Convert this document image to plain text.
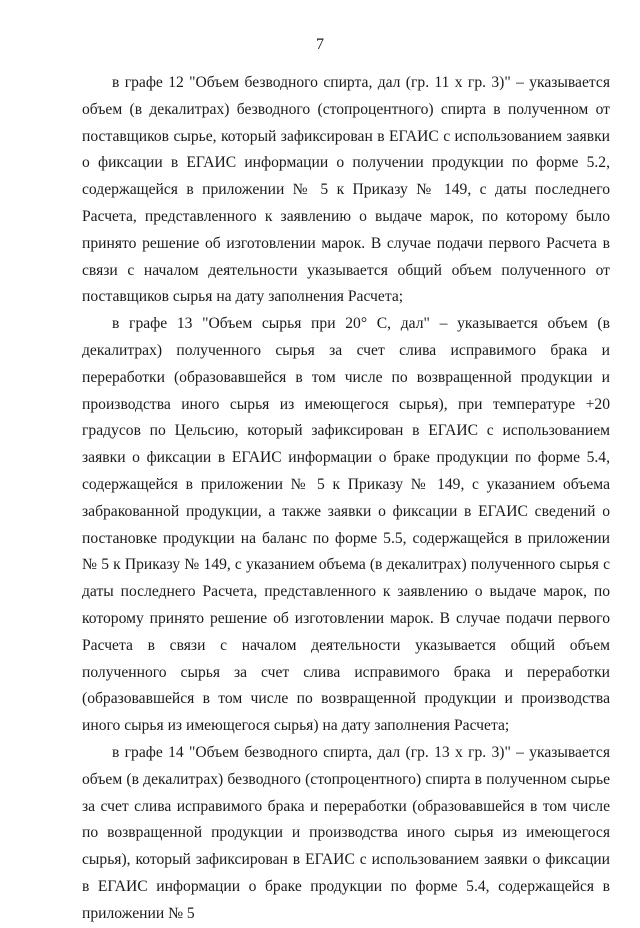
7

в графе 12 "Объем безводного спирта, дал (гр. 11 х гр. 3)" – указывается объем (в декалитрах) безводного (стопроцентного) спирта в полученном от поставщиков сырье, который зафиксирован в ЕГАИС с использованием заявки о фиксации в ЕГАИС информации о получении продукции по форме 5.2, содержащейся в приложении № 5 к Приказу № 149, с даты последнего Расчета, представленного к заявлению о выдаче марок, по которому было принято решение об изготовлении марок. В случае подачи первого Расчета в связи с началом деятельности указывается общий объем полученного от поставщиков сырья на дату заполнения Расчета;

в графе 13 "Объем сырья при 20° С, дал" – указывается объем (в декалитрах) полученного сырья за счет слива исправимого брака и переработки (образовавшейся в том числе по возвращенной продукции и производства иного сырья из имеющегося сырья), при температуре +20 градусов по Цельсию, который зафиксирован в ЕГАИС с использованием заявки о фиксации в ЕГАИС информации о браке продукции по форме 5.4, содержащейся в приложении № 5 к Приказу № 149, с указанием объема забракованной продукции, а также заявки о фиксации в ЕГАИС сведений о постановке продукции на баланс по форме 5.5, содержащейся в приложении № 5 к Приказу № 149, с указанием объема (в декалитрах) полученного сырья с даты последнего Расчета, представленного к заявлению о выдаче марок, по которому принято решение об изготовлении марок. В случае подачи первого Расчета в связи с началом деятельности указывается общий объем полученного сырья за счет слива исправимого брака и переработки (образовавшейся в том числе по возвращенной продукции и производства иного сырья из имеющегося сырья) на дату заполнения Расчета;

в графе 14 "Объем безводного спирта, дал (гр. 13 х гр. 3)" – указывается объем (в декалитрах) безводного (стопроцентного) спирта в полученном сырье за счет слива исправимого брака и переработки (образовавшейся в том числе по возвращенной продукции и производства иного сырья из имеющегося сырья), который зафиксирован в ЕГАИС с использованием заявки о фиксации в ЕГАИС информации о браке продукции по форме 5.4, содержащейся в приложении № 5
